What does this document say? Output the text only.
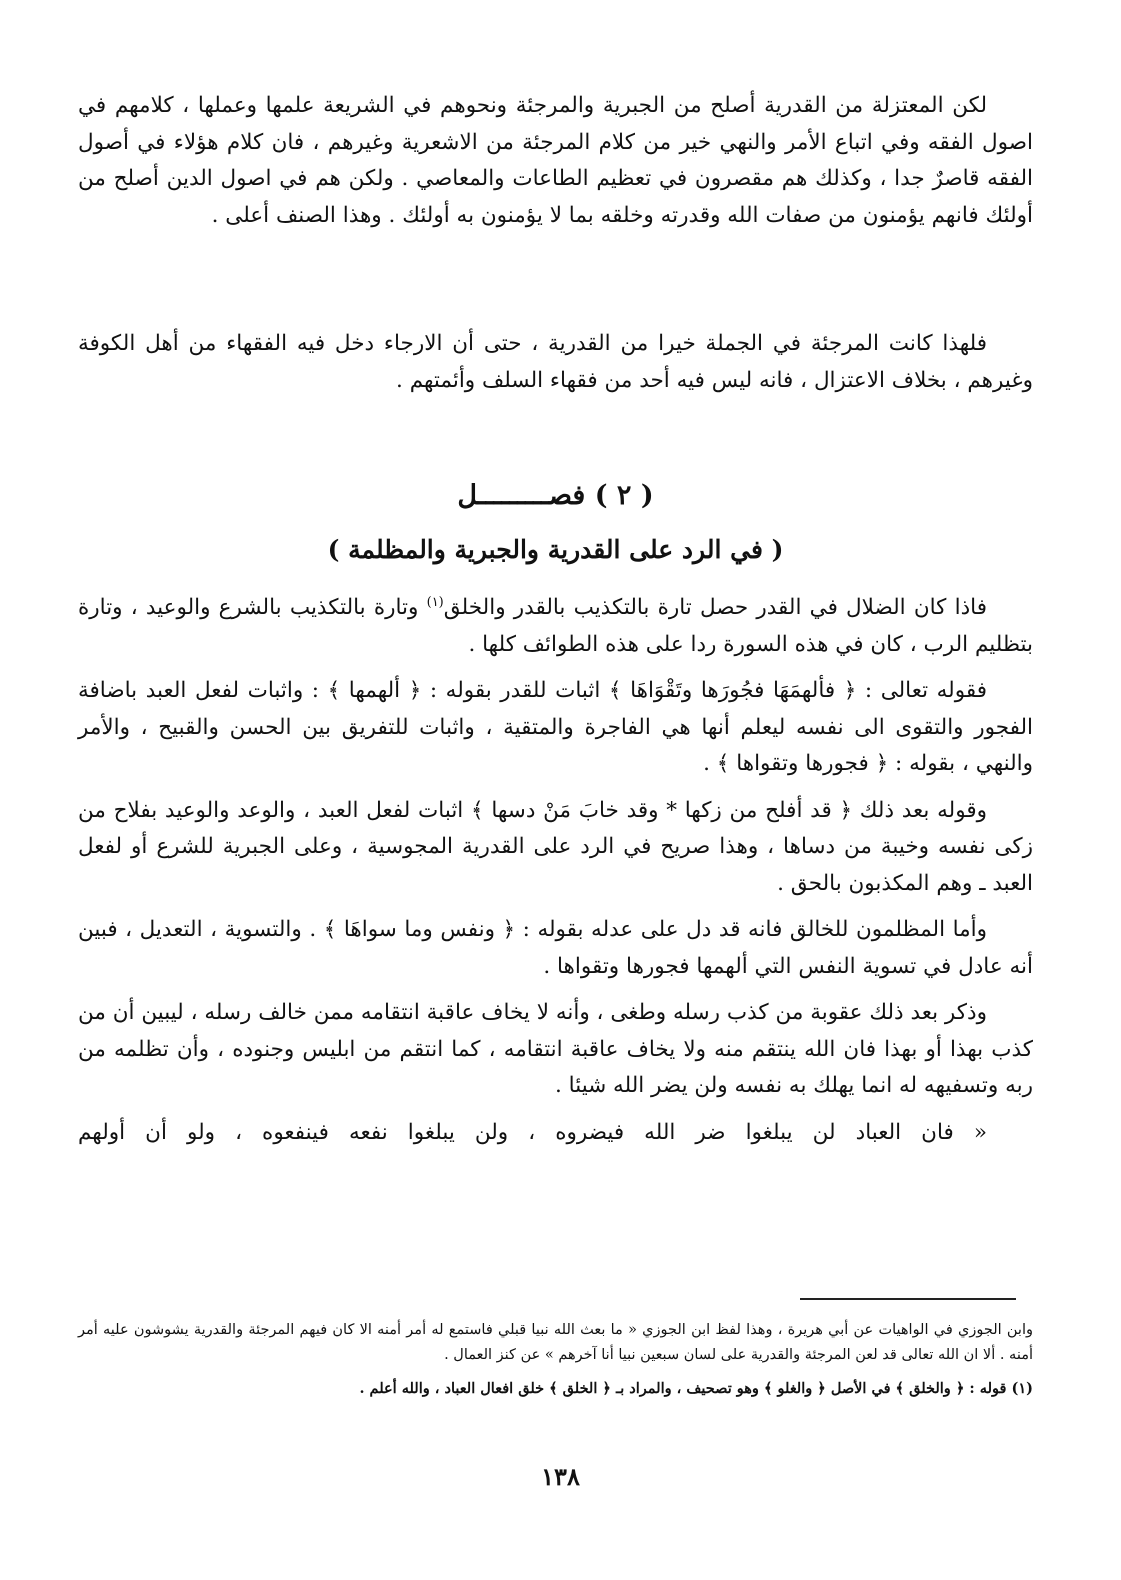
لكن المعتزلة من القدرية أصلح من الجبرية والمرجئة ونحوهم في الشريعة علمها وعملها ، كلامهم في اصول الفقه وفي اتباع الأمر والنهي خير من كلام المرجئة من الاشعرية وغيرهم ، فان كلام هؤلاء في أصول الفقه قاصرٌ جدا ، وكذلك هم مقصرون في تعظيم الطاعات والمعاصي . ولكن هم في اصول الدين أصلح من أولئك فانهم يؤمنون من صفات الله وقدرته وخلقه بما لا يؤمنون به أولئك . وهذا الصنف أعلى .

فلهذا كانت المرجئة في الجملة خيرا من القدرية ، حتى أن الارجاء دخل فيه الفقهاء من أهل الكوفة وغيرهم ، بخلاف الاعتزال ، فانه ليس فيه أحد من فقهاء السلف وأئمتهم .

( ٢ ) فصـــــــــل
( في الرد على القدرية والجبرية والمظلمة )

فاذا كان الضلال في القدر حصل تارة بالتكذيب بالقدر والخلق$^{(١)}$ وتارة بالتكذيب بالشرع والوعيد ، وتارة بتظليم الرب ، كان في هذه السورة ردا على هذه الطوائف كلها .

فقوله تعالى : ﴿ فألهمَهَا فجُورَها وتَقْوَاهَا ﴾ اثبات للقدر بقوله : ﴿ ألهمها ﴾ : واثبات لفعل العبد باضافة الفجور والتقوى الى نفسه ليعلم أنها هي الفاجرة والمتقية ، واثبات للتفريق بين الحسن والقبيح ، والأمر والنهي ، بقوله : ﴿ فجورها وتقواها ﴾ .

وقوله بعد ذلك ﴿ قد أفلح من زكها * وقد خابَ مَنْ دسها ﴾ اثبات لفعل العبد ، والوعد والوعيد بفلاح من زكى نفسه وخيبة من دساها ، وهذا صريح في الرد على القدرية المجوسية ، وعلى الجبرية للشرع أو لفعل العبد ـ وهم المكذبون بالحق .

وأما المظلمون للخالق فانه قد دل على عدله بقوله : ﴿ ونفس وما سواهَا ﴾ . والتسوية ، التعديل ، فبين أنه عادل في تسوية النفس التي ألهمها فجورها وتقواها .

وذكر بعد ذلك عقوبة من كذب رسله وطغى ، وأنه لا يخاف عاقبة انتقامه ممن خالف رسله ، ليبين أن من كذب بهذا أو بهذا فان الله ينتقم منه ولا يخاف عاقبة انتقامه ، كما انتقم من ابليس وجنوده ، وأن تظلمه من ربه وتسفيهه له انما يهلك به نفسه ولن يضر الله شيئا .

« فان العباد لن يبلغوا ضر الله فيضروه ، ولن يبلغوا نفعه فينفعوه ، ولو أن أولهم

وابن الجوزي في الواهيات عن أبي هريرة ، وهذا لفظ ابن الجوزي « ما بعث الله نبيا قبلي فاستمع له أمر أمنه الا كان فيهم المرجئة والقدرية يشوشون عليه أمر أمنه . ألا ان الله تعالى قد لعن المرجئة والقدرية على لسان سبعين نبيا أنا آخرهم » عن كنز العمال .

(١) قوله : ﴿ والخلق ﴾ في الأصل ﴿ والغلو ﴾ وهو تصحيف ، والمراد بـ ﴿ الخلق ﴾ خلق افعال العباد ، والله أعلم .

١٣٨
